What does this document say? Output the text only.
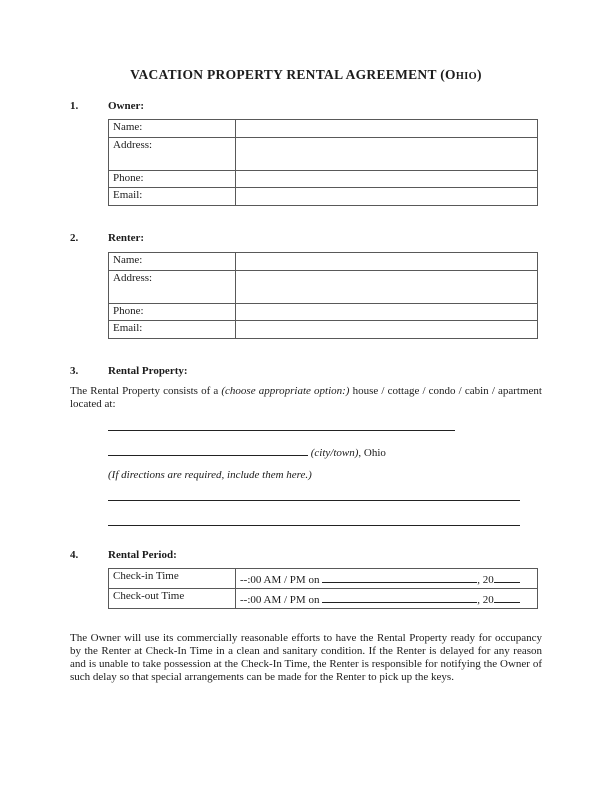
VACATION PROPERTY RENTAL AGREEMENT (OHIO)
1.	Owner:
Name:	
Address:	
Phone:	
Email:	
2.	Renter:
Name:	
Address:	
Phone:	
Email:	
3.	Rental Property:

The Rental Property consists of a (choose appropriate option:) house / cottage / condo / cabin / apartment located at:

(city/town), Ohio
(If directions are required, include them here.)
4.	Rental Period:
Check-in Time	--:00 AM / PM on , 20
Check-out Time	--:00 AM / PM on , 20

The Owner will use its commercially reasonable efforts to have the Rental Property ready for occupancy by the Renter at Check-In Time in a clean and sanitary condition. If the Renter is delayed for any reason and is unable to take possession at the Check-In Time, the Renter is responsible for notifying the Owner of such delay so that special arrangements can be made for the Renter to pick up the keys.
